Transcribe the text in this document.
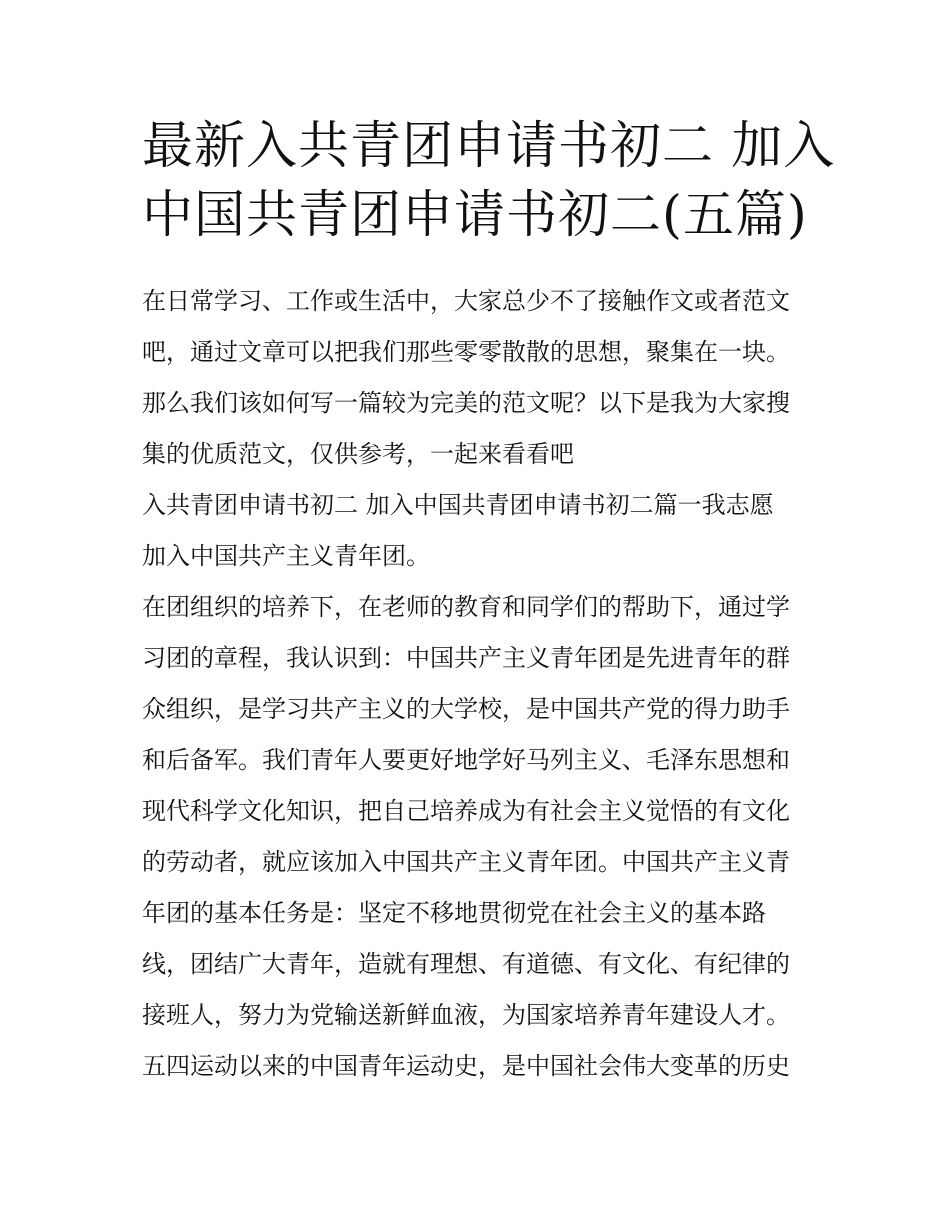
最新入共青团申请书初二 加入
中国共青团申请书初二(五篇)
在日常学习、工作或生活中，大家总少不了接触作文或者范文
吧，通过文章可以把我们那些零零散散的思想，聚集在一块。
那么我们该如何写一篇较为完美的范文呢？以下是我为大家搜
集的优质范文，仅供参考，一起来看看吧
入共青团申请书初二 加入中国共青团申请书初二篇一我志愿
加入中国共产主义青年团。
在团组织的培养下，在老师的教育和同学们的帮助下，通过学
习团的章程，我认识到：中国共产主义青年团是先进青年的群
众组织，是学习共产主义的大学校，是中国共产党的得力助手
和后备军。我们青年人要更好地学好马列主义、毛泽东思想和
现代科学文化知识，把自己培养成为有社会主义觉悟的有文化
的劳动者，就应该加入中国共产主义青年团。中国共产主义青
年团的基本任务是：坚定不移地贯彻党在社会主义的基本路
线，团结广大青年，造就有理想、有道德、有文化、有纪律的
接班人，努力为党输送新鲜血液，为国家培养青年建设人才。
五四运动以来的中国青年运动史，是中国社会伟大变革的历史
